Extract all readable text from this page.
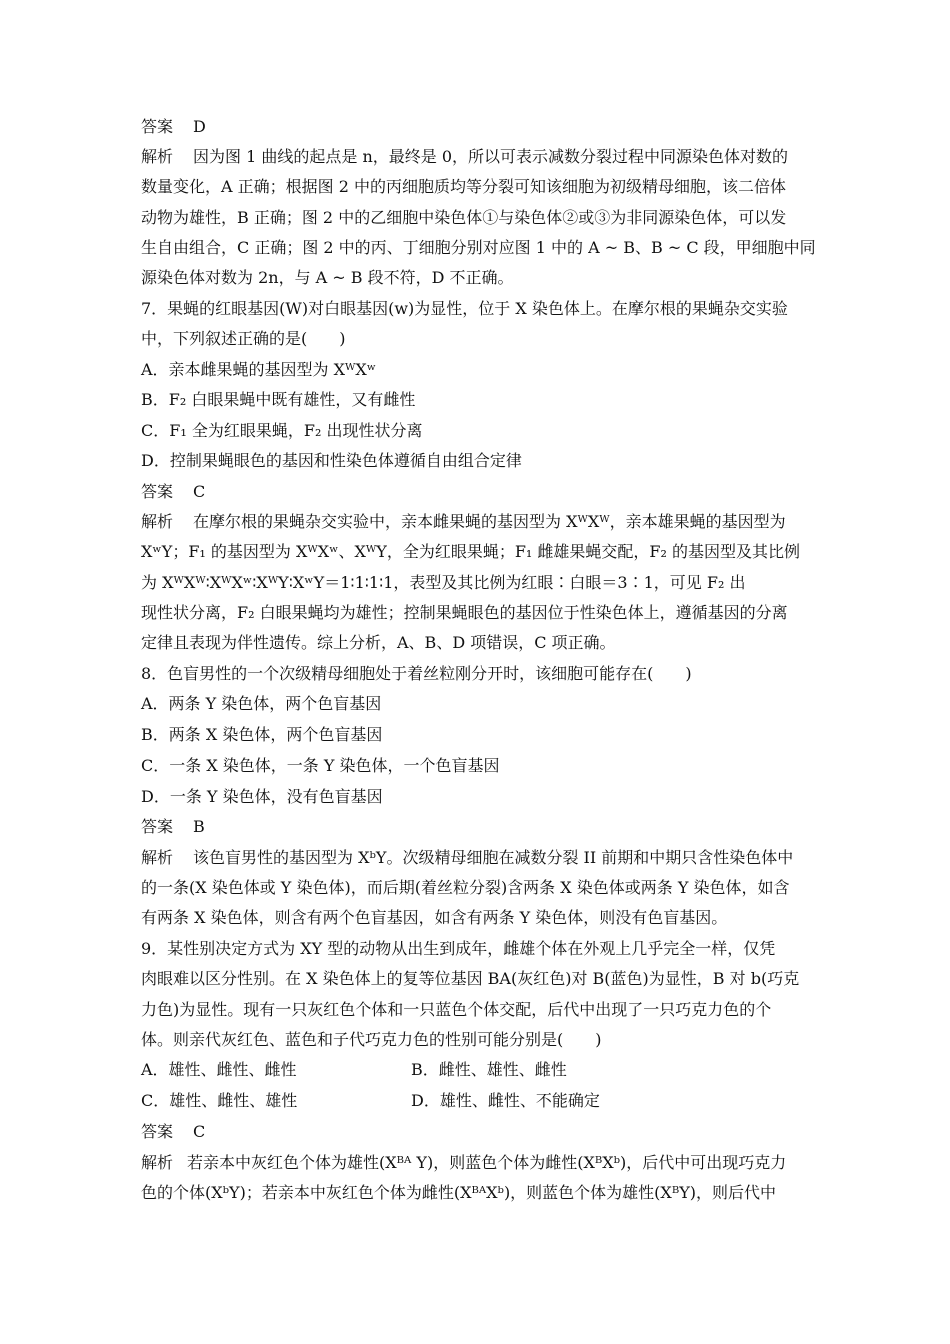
答案 D
解析 因为图 1 曲线的起点是 n，最终是 0，所以可表示减数分裂过程中同源染色体对数的
数量变化，A 正确；根据图 2 中的丙细胞质均等分裂可知该细胞为初级精母细胞，该二倍体
动物为雄性，B 正确；图 2 中的乙细胞中染色体①与染色体②或③为非同源染色体，可以发
生自由组合，C 正确；图 2 中的丙、丁细胞分别对应图 1 中的 A ~ B、B ~ C 段，甲细胞中同
源染色体对数为 2n，与 A ~ B 段不符，D 不正确。
7．果蝇的红眼基因(W)对白眼基因(w)为显性，位于 X 染色体上。在摩尔根的果蝇杂交实验
中，下列叙述正确的是(　　)
A．亲本雌果蝇的基因型为 XᵂXʷ
B．F₂ 白眼果蝇中既有雄性，又有雌性
C．F₁ 全为红眼果蝇，F₂ 出现性状分离
D．控制果蝇眼色的基因和性染色体遵循自由组合定律
答案 C
解析 在摩尔根的果蝇杂交实验中，亲本雌果蝇的基因型为 XᵂXᵂ，亲本雄果蝇的基因型为
XʷY；F₁ 的基因型为 XᵂXʷ、XᵂY，全为红眼果蝇；F₁ 雌雄果蝇交配，F₂ 的基因型及其比例
为 XᵂXᵂ∶XᵂXʷ∶XᵂY∶XʷY＝1∶1∶1∶1，表型及其比例为红眼∶白眼＝3∶1，可见 F₂ 出
现性状分离，F₂ 白眼果蝇均为雄性；控制果蝇眼色的基因位于性染色体上，遵循基因的分离
定律且表现为伴性遗传。综上分析，A、B、D 项错误，C 项正确。
8．色盲男性的一个次级精母细胞处于着丝粒刚分开时，该细胞可能存在(　　)
A．两条 Y 染色体，两个色盲基因
B．两条 X 染色体，两个色盲基因
C．一条 X 染色体，一条 Y 染色体，一个色盲基因
D．一条 Y 染色体，没有色盲基因
答案 B
解析 该色盲男性的基因型为 XᵇY。次级精母细胞在减数分裂 II 前期和中期只含性染色体中
的一条(X 染色体或 Y 染色体)，而后期(着丝粒分裂)含两条 X 染色体或两条 Y 染色体，如含
有两条 X 染色体，则含有两个色盲基因，如含有两条 Y 染色体，则没有色盲基因。
9．某性别决定方式为 XY 型的动物从出生到成年，雌雄个体在外观上几乎完全一样，仅凭
肉眼难以区分性别。在 X 染色体上的复等位基因 BA(灰红色)对 B(蓝色)为显性，B 对 b(巧克
力色)为显性。现有一只灰红色个体和一只蓝色个体交配，后代中出现了一只巧克力色的个
体。则亲代灰红色、蓝色和子代巧克力色的性别可能分别是(　　)
A．雄性、雌性、雌性	B．雌性、雄性、雌性
C．雄性、雌性、雄性	D．雄性、雌性、不能确定
答案 C
解析 若亲本中灰红色个体为雄性(Xᴮᴬ Y)，则蓝色个体为雌性(XᴮXᵇ)，后代中可出现巧克力
色的个体(XᵇY)；若亲本中灰红色个体为雌性(XᴮᴬXᵇ)，则蓝色个体为雄性(XᴮY)，则后代中
